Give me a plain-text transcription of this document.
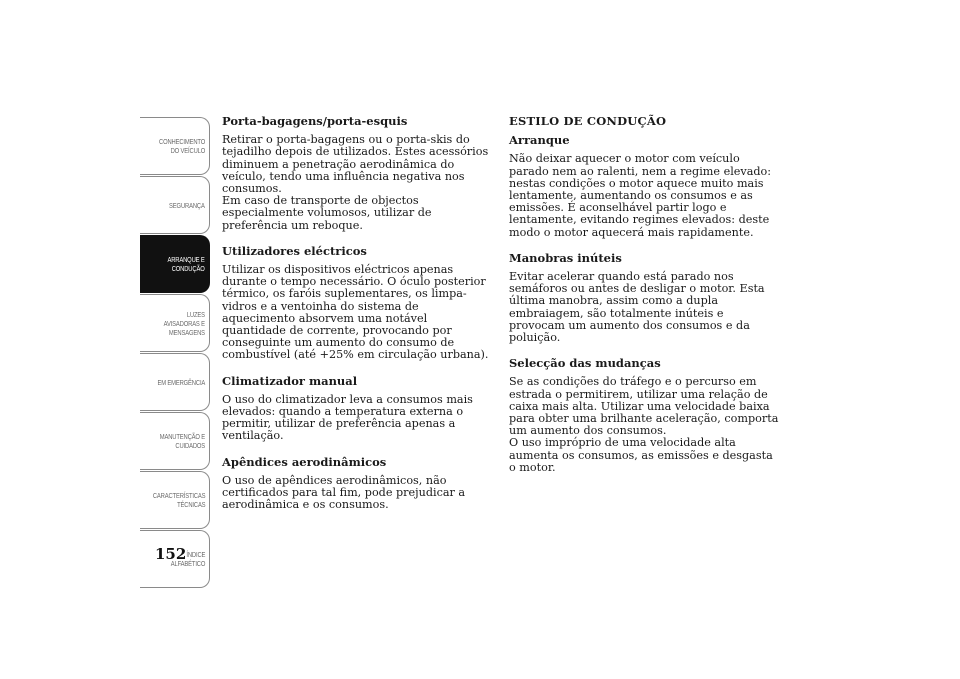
CONHECIMENTO
DO VEÍCULO
SEGURANÇA
ARRANQUE E
CONDUÇÃO
LUZES
AVISADORAS E
MENSAGENS
EM EMERGÊNCIA
MANUTENÇÃO E
CUIDADOS
CARACTERÍSTICAS
TÉCNICAS
ÍNDICE
ALFABÉTICO
152
Porta-bagagens/porta-esquis

Retirar o porta-bagagens ou o porta-skis do tejadilho depois de utilizados. Estes acessórios diminuem a penetração aerodinâmica do veículo, tendo uma influência negativa nos consumos.

Em caso de transporte de objectos especialmente volumosos, utilizar de preferência um reboque.

Utilizadores eléctricos

Utilizar os dispositivos eléctricos apenas durante o tempo necessário. O óculo posterior térmico, os faróis suplementares, os limpa-vidros e a ventoinha do sistema de aquecimento absorvem uma notável quantidade de corrente, provocando por conseguinte um aumento do consumo de combustível (até +25% em circulação urbana).

Climatizador manual

O uso do climatizador leva a consumos mais elevados: quando a temperatura externa o permitir, utilizar de preferência apenas a ventilação.

Apêndices aerodinâmicos

O uso de apêndices aerodinâmicos, não certificados para tal fim, pode prejudicar a aerodinâmica e os consumos.

ESTILO DE CONDUÇÃO
Arranque

Não deixar aquecer o motor com veículo parado nem ao ralenti, nem a regime elevado: nestas condições o motor aquece muito mais lentamente, aumentando os consumos e as emissões. É aconselhável partir logo e lentamente, evitando regimes elevados: deste modo o motor aquecerá mais rapidamente.

Manobras inúteis

Evitar acelerar quando está parado nos semáforos ou antes de desligar o motor. Esta última manobra, assim como a dupla embraiagem, são totalmente inúteis e provocam um aumento dos consumos e da poluição.

Selecção das mudanças

Se as condições do tráfego e o percurso em estrada o permitirem, utilizar uma relação de caixa mais alta. Utilizar uma velocidade baixa para obter uma brilhante aceleração, comporta um aumento dos consumos.

O uso impróprio de uma velocidade alta aumenta os consumos, as emissões e desgasta o motor.
